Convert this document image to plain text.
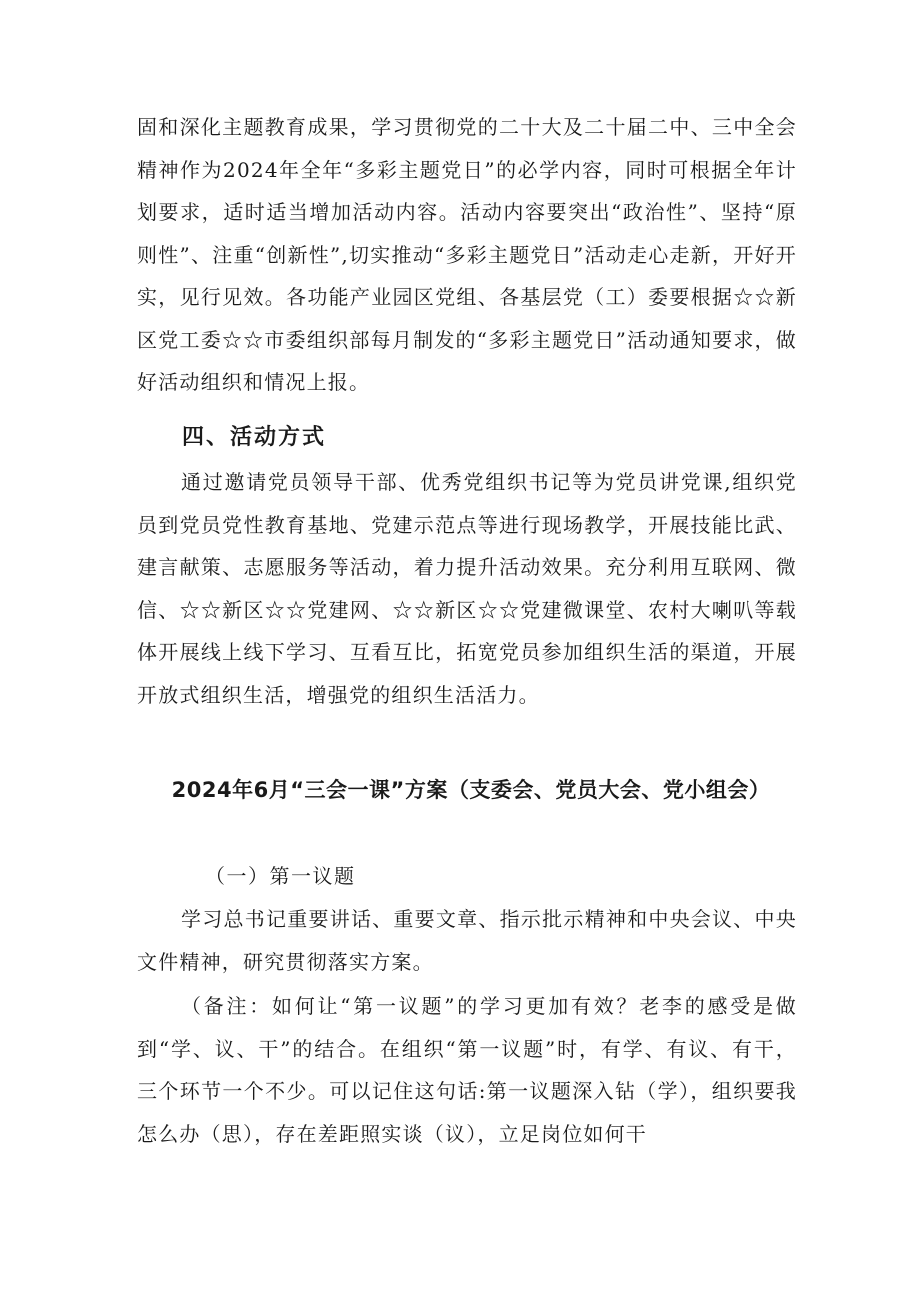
固和深化主题教育成果，学习贯彻党的二十大及二十届二中、三中全会精神作为2024年全年“多彩主题党日”的必学内容，同时可根据全年计划要求，适时适当增加活动内容。活动内容要突出“政治性”、坚持“原则性”、注重“创新性”,切实推动“多彩主题党日”活动走心走新，开好开实，见行见效。各功能产业园区党组、各基层党（工）委要根据☆☆新区党工委☆☆市委组织部每月制发的“多彩主题党日”活动通知要求，做好活动组织和情况上报。

四、活动方式

通过邀请党员领导干部、优秀党组织书记等为党员讲党课,组织党员到党员党性教育基地、党建示范点等进行现场教学，开展技能比武、建言献策、志愿服务等活动，着力提升活动效果。充分利用互联网、微信、☆☆新区☆☆党建网、☆☆新区☆☆党建微课堂、农村大喇叭等载体开展线上线下学习、互看互比，拓宽党员参加组织生活的渠道，开展开放式组织生活，增强党的组织生活活力。

2024年6月“三会一课”方案（支委会、党员大会、党小组会）

（一）第一议题

学习总书记重要讲话、重要文章、指示批示精神和中央会议、中央文件精神，研究贯彻落实方案。

（备注：如何让“第一议题”的学习更加有效？老李的感受是做到“学、议、干”的结合。在组织“第一议题”时，有学、有议、有干，三个环节一个不少。可以记住这句话:第一议题深入钻（学），组织要我怎么办（思），存在差距照实谈（议），立足岗位如何干
